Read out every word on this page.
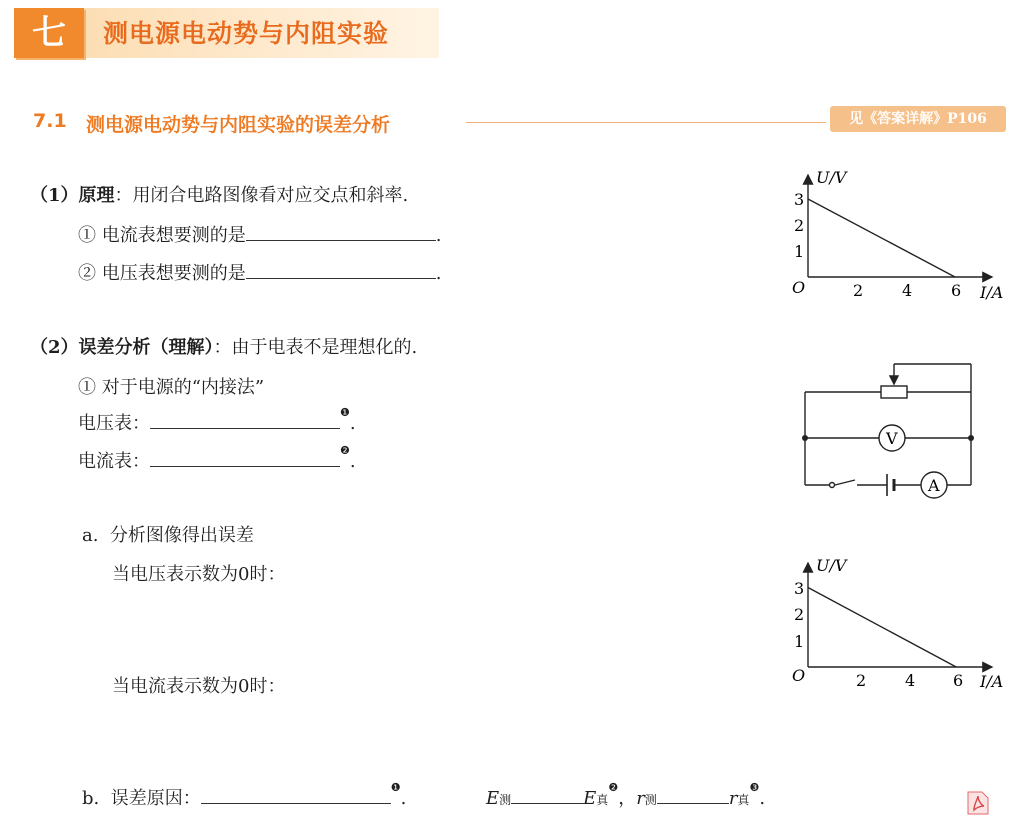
七	测电源电动势与内阻实验
7.1 测电源电动势与内阻实验的误差分析	见《答案详解》P106
（1）原理：用闭合电路图像看对应交点和斜率.
① 电流表想要测的是	.
② 电压表想要测的是	.
（2）误差分析（理解）：由于电表不是理想化的.
① 对于电源的“内接法”
电压表：$^❶$.
电流表：$^❷$.
a. 分析图像得出误差
当电压表示数为0时：
当电流表示数为0时：
b. 误差原因：$^❶$.	E测	E真$^❷$，r测	r真$^❸$.
U/V
I/A
O
1
2
3
2 4 6
V
A
U/V
I/A
O
1
2
3
2 4 6
